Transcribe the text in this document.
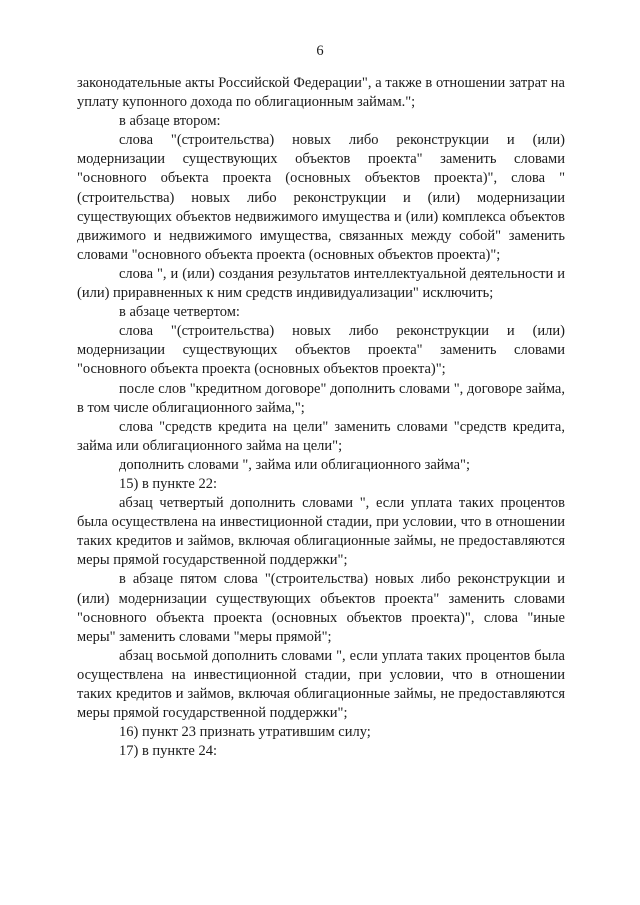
6

законодательные акты Российской Федерации", а также в отношении затрат на уплату купонного дохода по облигационным займам.";

в абзаце втором:

слова "(строительства) новых либо реконструкции и (или) модернизации существующих объектов проекта" заменить словами "основного объекта проекта (основных объектов проекта)", слова "(строительства) новых либо реконструкции и (или) модернизации существующих объектов недвижимого имущества и (или) комплекса объектов движимого и недвижимого имущества, связанных между собой" заменить словами "основного объекта проекта (основных объектов проекта)";

слова ", и (или) создания результатов интеллектуальной деятельности и (или) приравненных к ним средств индивидуализации" исключить;

в абзаце четвертом:

слова "(строительства) новых либо реконструкции и (или) модернизации существующих объектов проекта" заменить словами "основного объекта проекта (основных объектов проекта)";

после слов "кредитном договоре" дополнить словами ", договоре займа, в том числе облигационного займа,";

слова "средств кредита на цели" заменить словами "средств кредита, займа или облигационного займа на цели";

дополнить словами ", займа или облигационного займа";

15) в пункте 22:

абзац четвертый дополнить словами ", если уплата таких процентов была осуществлена на инвестиционной стадии, при условии, что в отношении таких кредитов и займов, включая облигационные займы, не предоставляются меры прямой государственной поддержки";

в абзаце пятом слова "(строительства) новых либо реконструкции и (или) модернизации существующих объектов проекта" заменить словами "основного объекта проекта (основных объектов проекта)", слова "иные меры" заменить словами "меры прямой";

абзац восьмой дополнить словами ", если уплата таких процентов была осуществлена на инвестиционной стадии, при условии, что в отношении таких кредитов и займов, включая облигационные займы, не предоставляются меры прямой государственной поддержки";

16) пункт 23 признать утратившим силу;

17) в пункте 24:
